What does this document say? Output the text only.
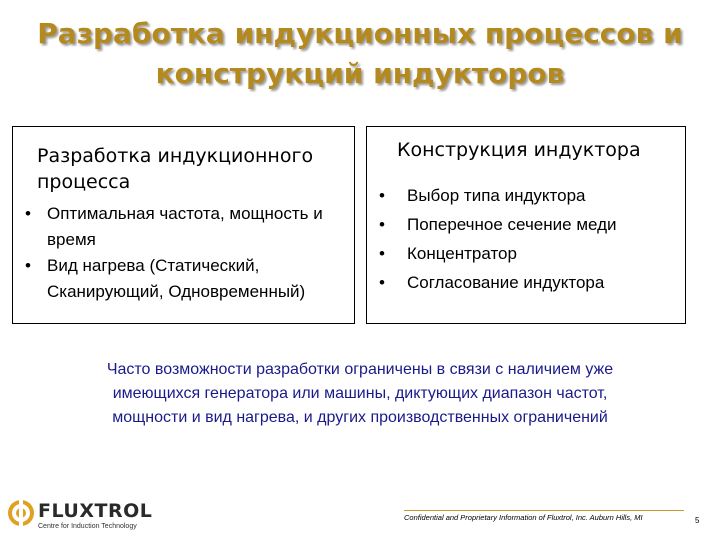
Разработка индукционных процессов и конструкций индукторов
Разработка индукционного процесса
• Оптимальная частота, мощность и время
• Вид нагрева (Статический, Сканирующий, Одновременный)
Конструкция индуктора
• Выбор типа индуктора
• Поперечное сечение меди
• Концентратор
• Согласование индуктора
Часто возможности разработки ограничены в связи с наличием уже имеющихся генератора или машины, диктующих диапазон частот, мощности и вид нагрева, и других производственных ограничений
FLUXTROL
Centre for Induction Technology
Confidential and Proprietary Information of Fluxtrol, Inc. Auburn Hills, MI	5
